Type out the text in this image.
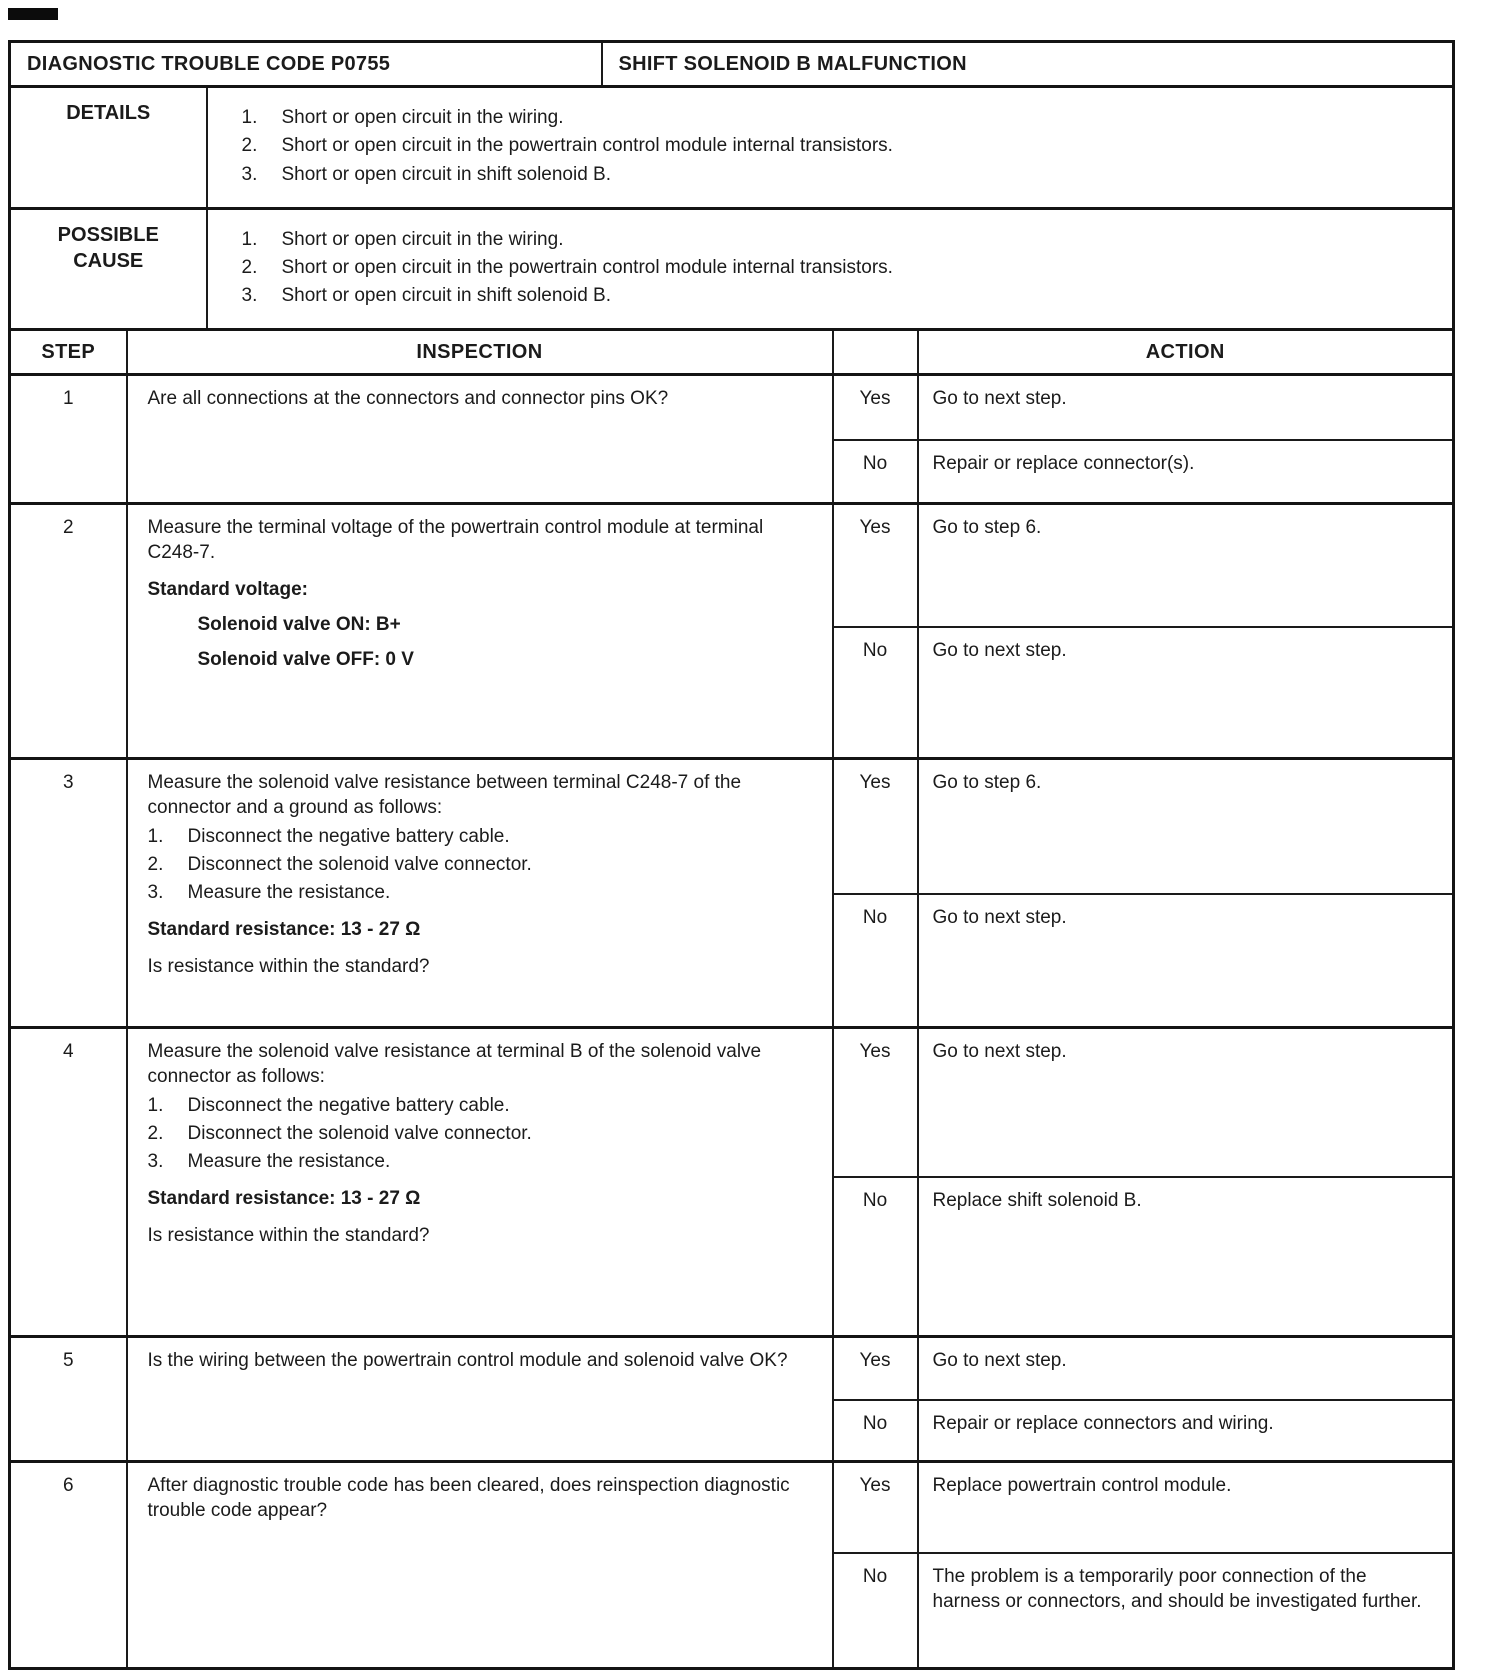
DIAGNOSTIC TROUBLE CODE P0755	SHIFT SOLENOID B MALFUNCTION
DETAILS	1.	Short or open circuit in the wiring.
2.	Short or open circuit in the powertrain control module internal transistors.
3.	Short or open circuit in shift solenoid B.

POSSIBLE
CAUSE

1.	Short or open circuit in the wiring.
2.	Short or open circuit in the powertrain control module internal transistors.
3.	Short or open circuit in shift solenoid B.
STEP	INSPECTION		ACTION
1	Are all connections at the connectors and connector pins OK?	Yes	Go to next step.
		No	Repair or replace connector(s).
2	Measure the terminal voltage of the powertrain control module at terminal C248-7.
Standard voltage:
Solenoid valve ON: B+
Solenoid valve OFF: 0 V	Yes	Go to step 6.
		No	Go to next step.
3	Measure the solenoid valve resistance between terminal C248-7 of the connector and a ground as follows:
1.	Disconnect the negative battery cable.
2.	Disconnect the solenoid valve connector.
3.	Measure the resistance.
Standard resistance: 13 - 27 Ω
Is resistance within the standard?
	Yes	Go to step 6.
		No	Go to next step.
4	Measure the solenoid valve resistance at terminal B of the solenoid valve connector as follows:
1.	Disconnect the negative battery cable.
2.	Disconnect the solenoid valve connector.
3.	Measure the resistance.
Standard resistance: 13 - 27 Ω
Is resistance within the standard?
	Yes	Go to next step.
		No	Replace shift solenoid B.
5	Is the wiring between the powertrain control module and solenoid valve OK?	Yes	Go to next step.
		No	Repair or replace connectors and wiring.
6	After diagnostic trouble code has been cleared, does reinspection diagnostic trouble code appear?	Yes	Replace powertrain control module.
		No	The problem is a temporarily poor connection of the harness or connectors, and should be investigated further.
